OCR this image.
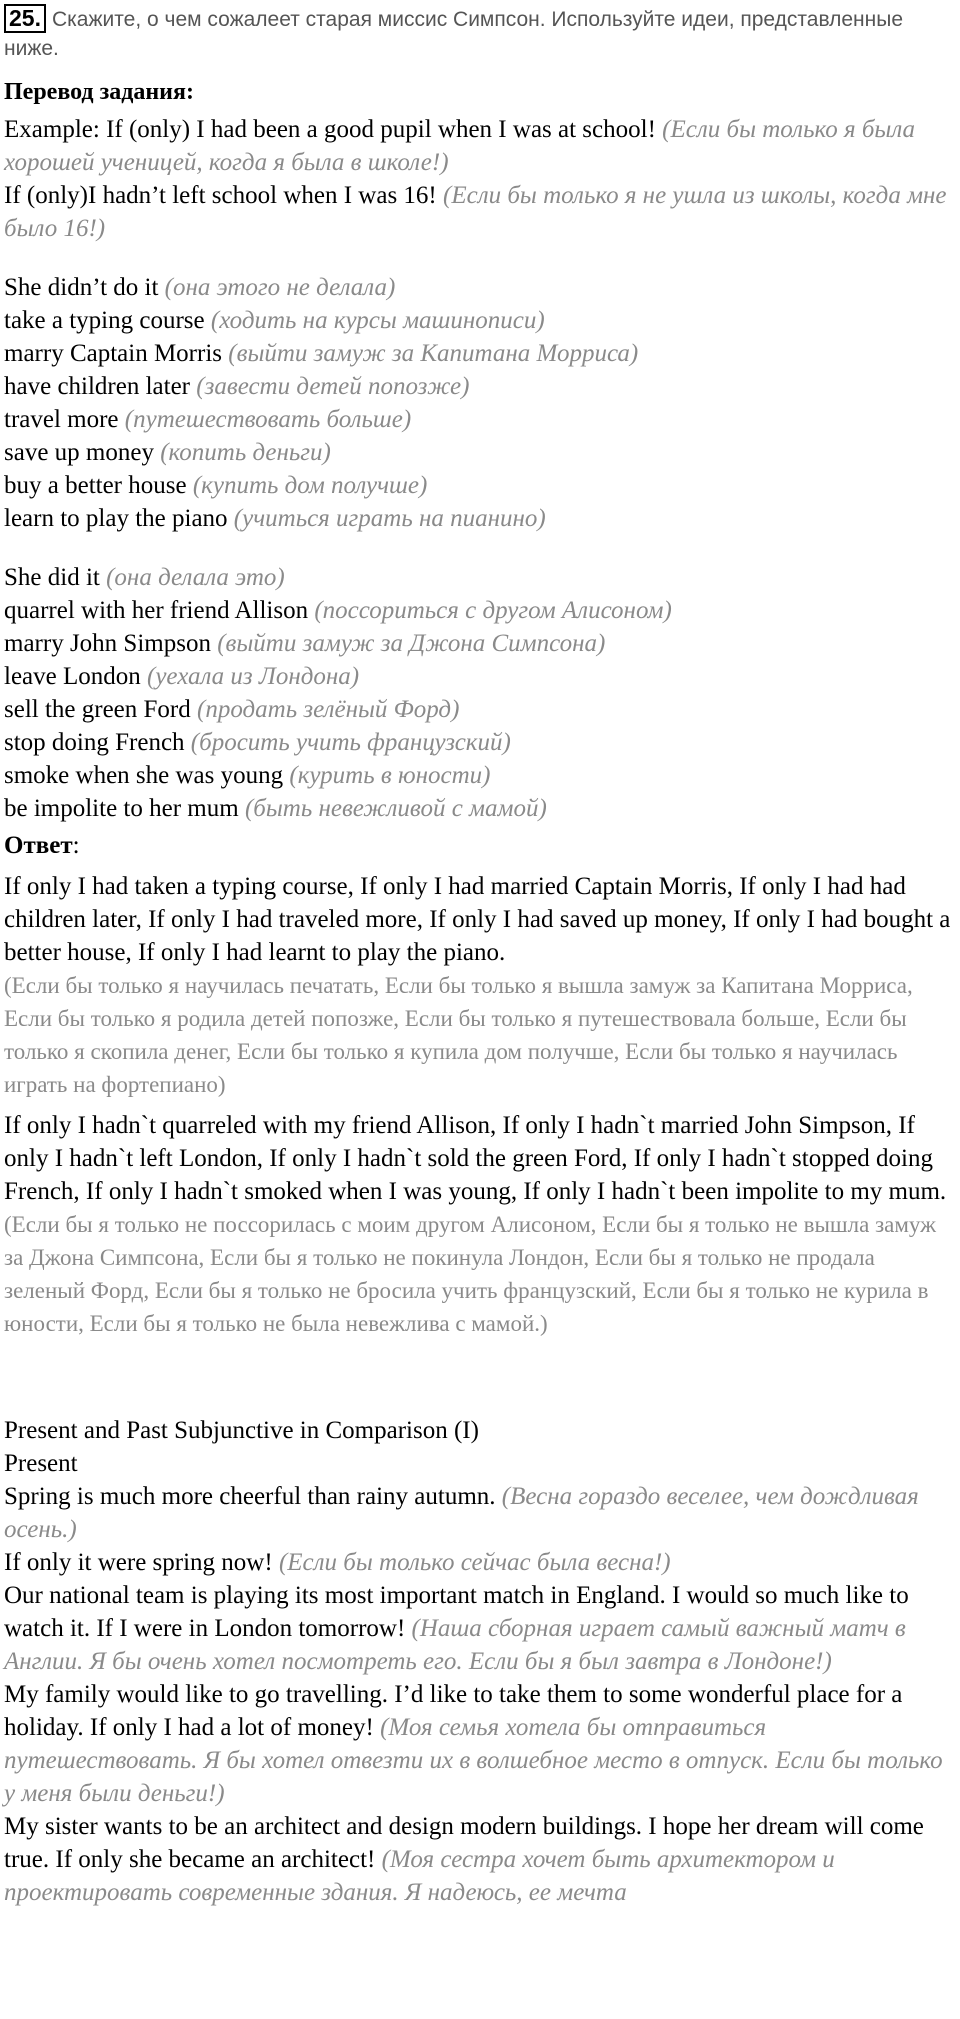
25. Скажите, о чем сожалеет старая миссис Симпсон. Используйте идеи, представленные ниже.
Перевод задания:

Example: If (only) I had been a good pupil when I was at school! (Если бы только я была хорошей ученицей, когда я была в школе!)

If (only)I hadn’t left school when I was 16! (Если бы только я не ушла из школы, когда мне было 16!)

She didn’t do it (она этого не делала)

take a typing course (ходить на курсы машинописи)

marry Captain Morris (выйти замуж за Капитана Морриса)

have children later (завести детей попозже)

travel more (путешествовать больше)

save up money (копить деньги)

buy a better house (купить дом получше)

learn to play the piano (учиться играть на пианино)

She did it (она делала это)

quarrel with her friend Allison (поссориться с другом Алисоном)

marry John Simpson (выйти замуж за Джона Симпсона)

leave London (уехала из Лондона)

sell the green Ford (продать зелёный Форд)

stop doing French (бросить учить французский)

smoke when she was young (курить в юности)

be impolite to her mum (быть невежливой с мамой)

Ответ:

If only I had taken a typing course, If only I had married Captain Morris, If only I had had children later, If only I had traveled more, If only I had saved up money, If only I had bought a better house, If only I had learnt to play the piano.

(Если бы только я научилась печатать, Если бы только я вышла замуж за Капитана Морриса, Если бы только я родила детей попозже, Если бы только я путешествовала больше, Если бы только я скопила денег, Если бы только я купила дом получше, Если бы только я научилась играть на фортепиано)

If only I hadn`t quarreled with my friend Allison, If only I hadn`t married John Simpson, If only I hadn`t left London, If only I hadn`t sold the green Ford, If only I hadn`t stopped doing French, If only I hadn`t smoked when I was young, If only I hadn`t been impolite to my mum.

(Если бы я только не поссорилась с моим другом Алисоном, Если бы я только не вышла замуж за Джона Симпсона, Если бы я только не покинула Лондон, Если бы я только не продала зеленый Форд, Если бы я только не бросила учить французский, Если бы я только не курила в юности, Если бы я только не была невежлива с мамой.)

Present and Past Subjunctive in Comparison (I)

Present

Spring is much more cheerful than rainy autumn. (Весна гораздо веселее, чем дождливая осень.)

If only it were spring now! (Если бы только сейчас была весна!)

Our national team is playing its most important match in England. I would so much like to watch it. If I were in London tomorrow! (Наша сборная играет самый важный матч в Англии. Я бы очень хотел посмотреть его. Если бы я был завтра в Лондоне!)

My family would like to go travelling. I’d like to take them to some wonderful place for a holiday. If only I had a lot of money! (Моя семья хотела бы отправиться путешествовать. Я бы хотел отвезти их в волшебное место в отпуск. Если бы только у меня были деньги!)

My sister wants to be an architect and design modern buildings. I hope her dream will come true. If only she became an architect! (Моя сестра хочет быть архитектором и проектировать современные здания. Я надеюсь, ее мечта
